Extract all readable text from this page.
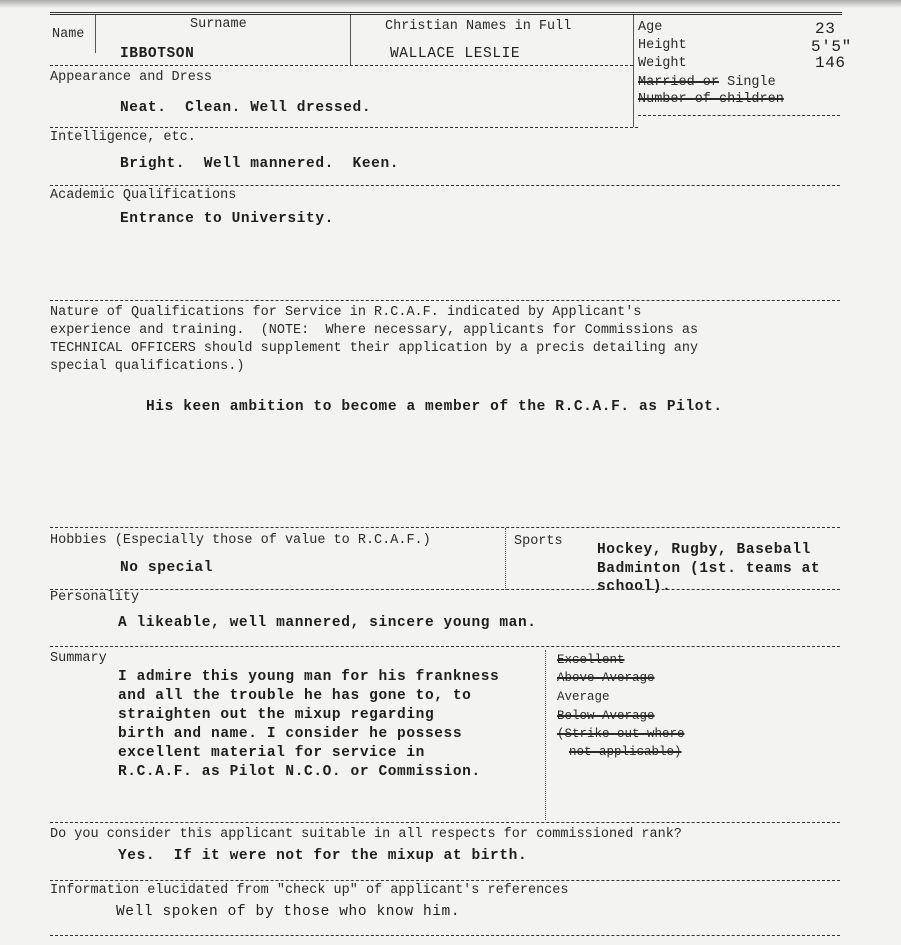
Name
Surname
IBBOTSON
Christian Names in Full
WALLACE LESLIE
Age	23
Height	5'5"
Weight	146
Married or Single
Number of children
Appearance and Dress
Neat.  Clean. Well dressed.
Intelligence, etc.
Bright.  Well mannered.  Keen.
Academic Qualifications
Entrance to University.
Nature of Qualifications for Service in R.C.A.F. indicated by Applicant's
experience and training.  (NOTE:  Where necessary, applicants for Commissions as
TECHNICAL OFFICERS should supplement their application by a precis detailing any
special qualifications.)
His keen ambition to become a member of the R.C.A.F. as Pilot.
Hobbies (Especially those of value to R.C.A.F.)
No special
Sports
Hockey, Rugby, Baseball
Badminton (1st. teams at
school).
Personality
A likeable, well mannered, sincere young man.
Summary
I admire this young man for his frankness
and all the trouble he has gone to, to
straighten out the mixup regarding
birth and name. I consider he possess
excellent material for service in
R.C.A.F. as Pilot N.C.O. or Commission.
Excellent
Above-Average
Average
Below-Average
(Strike out where
not applicable)
Do you consider this applicant suitable in all respects for commissioned rank?
Yes.  If it were not for the mixup at birth.
Information elucidated from "check up" of applicant's references
Well spoken of by those who know him.
